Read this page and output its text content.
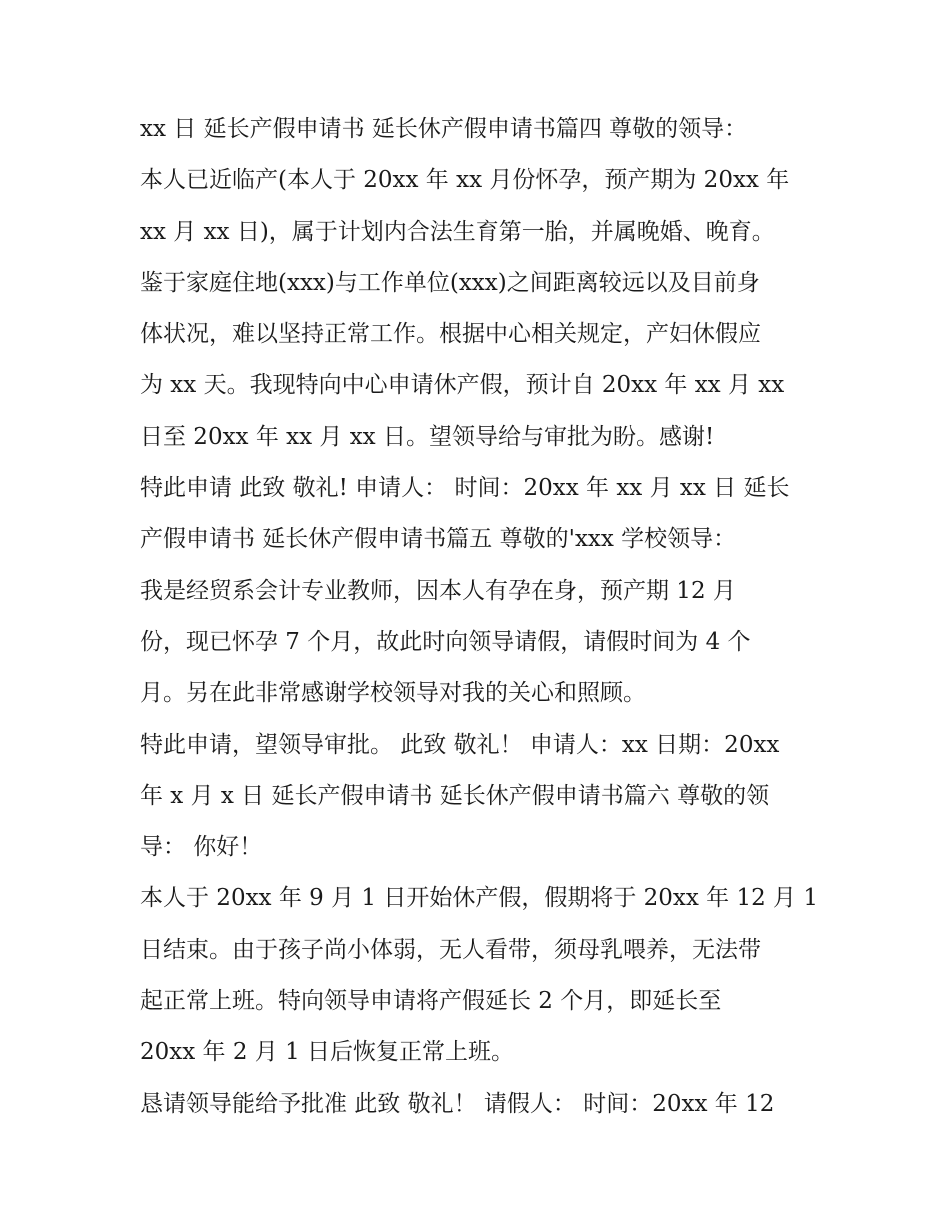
xx 日 延长产假申请书 延长休产假申请书篇四 尊敬的领导：
本人已近临产(本人于 20xx 年 xx 月份怀孕，预产期为 20xx 年
xx 月 xx 日)，属于计划内合法生育第一胎，并属晚婚、晚育。
鉴于家庭住地(xxx)与工作单位(xxx)之间距离较远以及目前身
体状况，难以坚持正常工作。根据中心相关规定，产妇休假应
为 xx 天。我现特向中心申请休产假，预计自 20xx 年 xx 月 xx
日至 20xx 年 xx 月 xx 日。望领导给与审批为盼。感谢!
特此申请 此致 敬礼! 申请人： 时间：20xx 年 xx 月 xx 日 延长
产假申请书 延长休产假申请书篇五 尊敬的'xxx 学校领导：
我是经贸系会计专业教师，因本人有孕在身，预产期 12 月
份，现已怀孕 7 个月，故此时向领导请假，请假时间为 4 个
月。另在此非常感谢学校领导对我的关心和照顾。
特此申请，望领导审批。 此致 敬礼！ 申请人：xx 日期：20xx
年 x 月 x 日 延长产假申请书 延长休产假申请书篇六 尊敬的领
导： 你好！
本人于 20xx 年 9 月 1 日开始休产假，假期将于 20xx 年 12 月 1
日结束。由于孩子尚小体弱，无人看带，须母乳喂养，无法带
起正常上班。特向领导申请将产假延长 2 个月，即延长至
20xx 年 2 月 1 日后恢复正常上班。
恳请领导能给予批准 此致 敬礼！ 请假人： 时间：20xx 年 12
